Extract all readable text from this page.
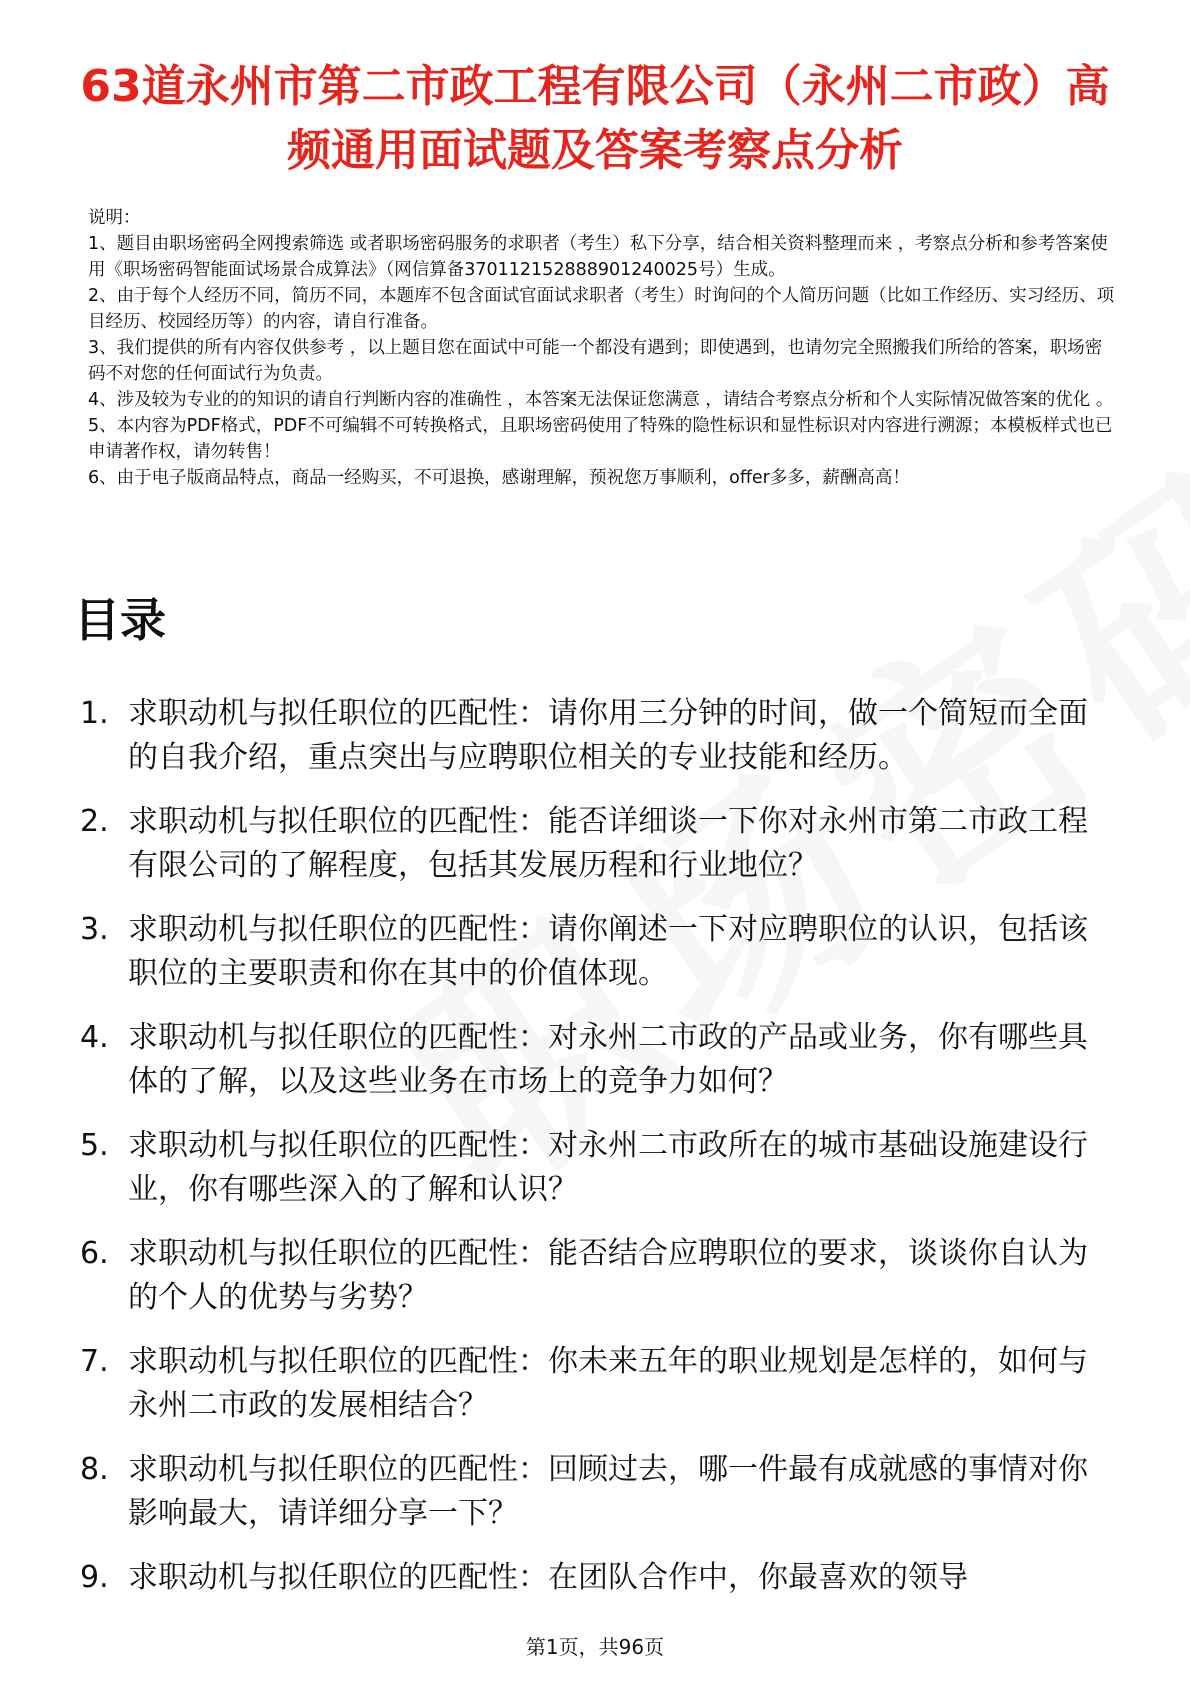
63道永州市第二市政工程有限公司（永州二市政）高频通用面试题及答案考察点分析

说明：

1、题目由职场密码全网搜索筛选 或者职场密码服务的求职者（考生）私下分享，结合相关资料整理而来 ，考察点分析和参考答案使用《职场密码智能面试场景合成算法》（网信算备370112152888901240025号）生成。

2、由于每个人经历不同，简历不同，本题库不包含面试官面试求职者（考生）时询问的个人简历问题（比如工作经历、实习经历、项目经历、校园经历等）的内容，请自行准备。

3、我们提供的所有内容仅供参考 ，以上题目您在面试中可能一个都没有遇到；即使遇到，也请勿完全照搬我们所给的答案，职场密码不对您的任何面试行为负责。

4、涉及较为专业的的知识的请自行判断内容的准确性 ，本答案无法保证您满意 ，请结合考察点分析和个人实际情况做答案的优化 。

5、本内容为PDF格式，PDF不可编辑不可转换格式，且职场密码使用了特殊的隐性标识和显性标识对内容进行溯源；本模板样式也已申请著作权，请勿转售！

6、由于电子版商品特点，商品一经购买，不可退换，感谢理解，预祝您万事顺利，offer多多，薪酬高高！

目录
1. 求职动机与拟任职位的匹配性：请你用三分钟的时间，做一个简短而全面的自我介绍，重点突出与应聘职位相关的专业技能和经历。
2. 求职动机与拟任职位的匹配性：能否详细谈一下你对永州市第二市政工程有限公司的了解程度，包括其发展历程和行业地位？
3. 求职动机与拟任职位的匹配性：请你阐述一下对应聘职位的认识，包括该职位的主要职责和你在其中的价值体现。
4. 求职动机与拟任职位的匹配性：对永州二市政的产品或业务，你有哪些具体的了解，以及这些业务在市场上的竞争力如何？
5. 求职动机与拟任职位的匹配性：对永州二市政所在的城市基础设施建设行业，你有哪些深入的了解和认识？
6. 求职动机与拟任职位的匹配性：能否结合应聘职位的要求，谈谈你自认为的个人的优势与劣势？
7. 求职动机与拟任职位的匹配性：你未来五年的职业规划是怎样的，如何与永州二市政的发展相结合？
8. 求职动机与拟任职位的匹配性：回顾过去，哪一件最有成就感的事情对你影响最大，请详细分享一下？
9. 求职动机与拟任职位的匹配性：在团队合作中，你最喜欢的领导
第1页，共96页
